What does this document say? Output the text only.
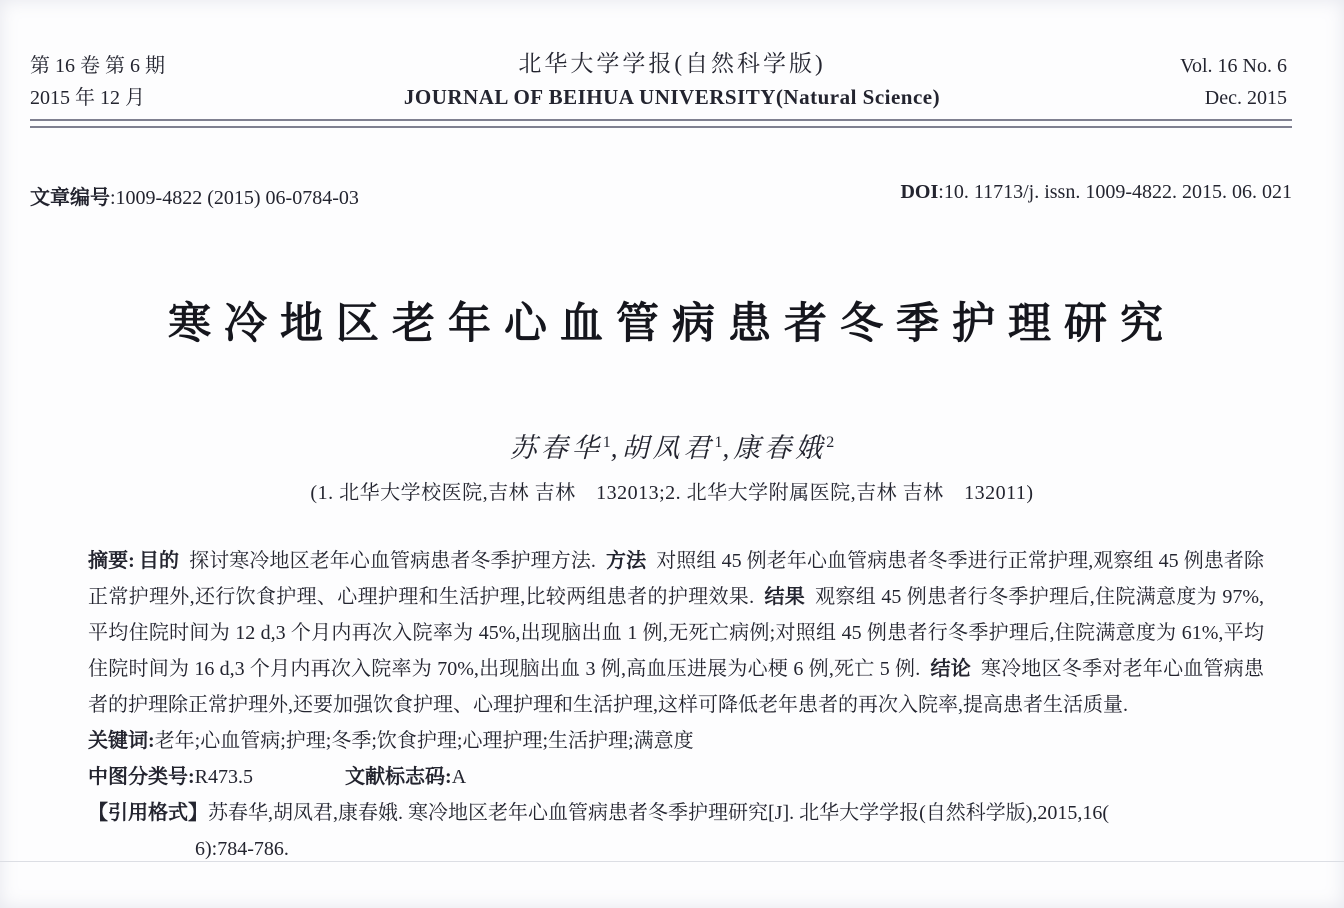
第 16 卷 第 6 期
2015 年 12 月
北华大学学报(自然科学版)
JOURNAL OF BEIHUA UNIVERSITY(Natural Science)
Vol. 16 No. 6
Dec. 2015
文章编号:1009-4822 (2015) 06-0784-03	DOI:10. 11713/j. issn. 1009-4822. 2015. 06. 021
寒冷地区老年心血管病患者冬季护理研究
苏春华$^1$,胡凤君$^1$,康春娥$^2$
(1. 北华大学校医院,吉林 吉林　132013;2. 北华大学附属医院,吉林 吉林　132011)

摘要: 目的 探讨寒冷地区老年心血管病患者冬季护理方法. 方法 对照组 45 例老年心血管病患者冬季进行正常护理,观察组 45 例患者除正常护理外,还行饮食护理、心理护理和生活护理,比较两组患者的护理效果. 结果 观察组 45 例患者行冬季护理后,住院满意度为 97%,平均住院时间为 12 d,3 个月内再次入院率为 45%,出现脑出血 1 例,无死亡病例;对照组 45 例患者行冬季护理后,住院满意度为 61%,平均住院时间为 16 d,3 个月内再次入院率为 70%,出现脑出血 3 例,高血压进展为心梗 6 例,死亡 5 例. 结论 寒冷地区冬季对老年心血管病患者的护理除正常护理外,还要加强饮食护理、心理护理和生活护理,这样可降低老年患者的再次入院率,提高患者生活质量.

关键词:老年;心血管病;护理;冬季;饮食护理;心理护理;生活护理;满意度

中图分类号:R473.5	文献标志码:A

【引用格式】苏春华,胡凤君,康春娥. 寒冷地区老年心血管病患者冬季护理研究[J]. 北华大学学报(自然科学版),2015,16(

6):784-786.
